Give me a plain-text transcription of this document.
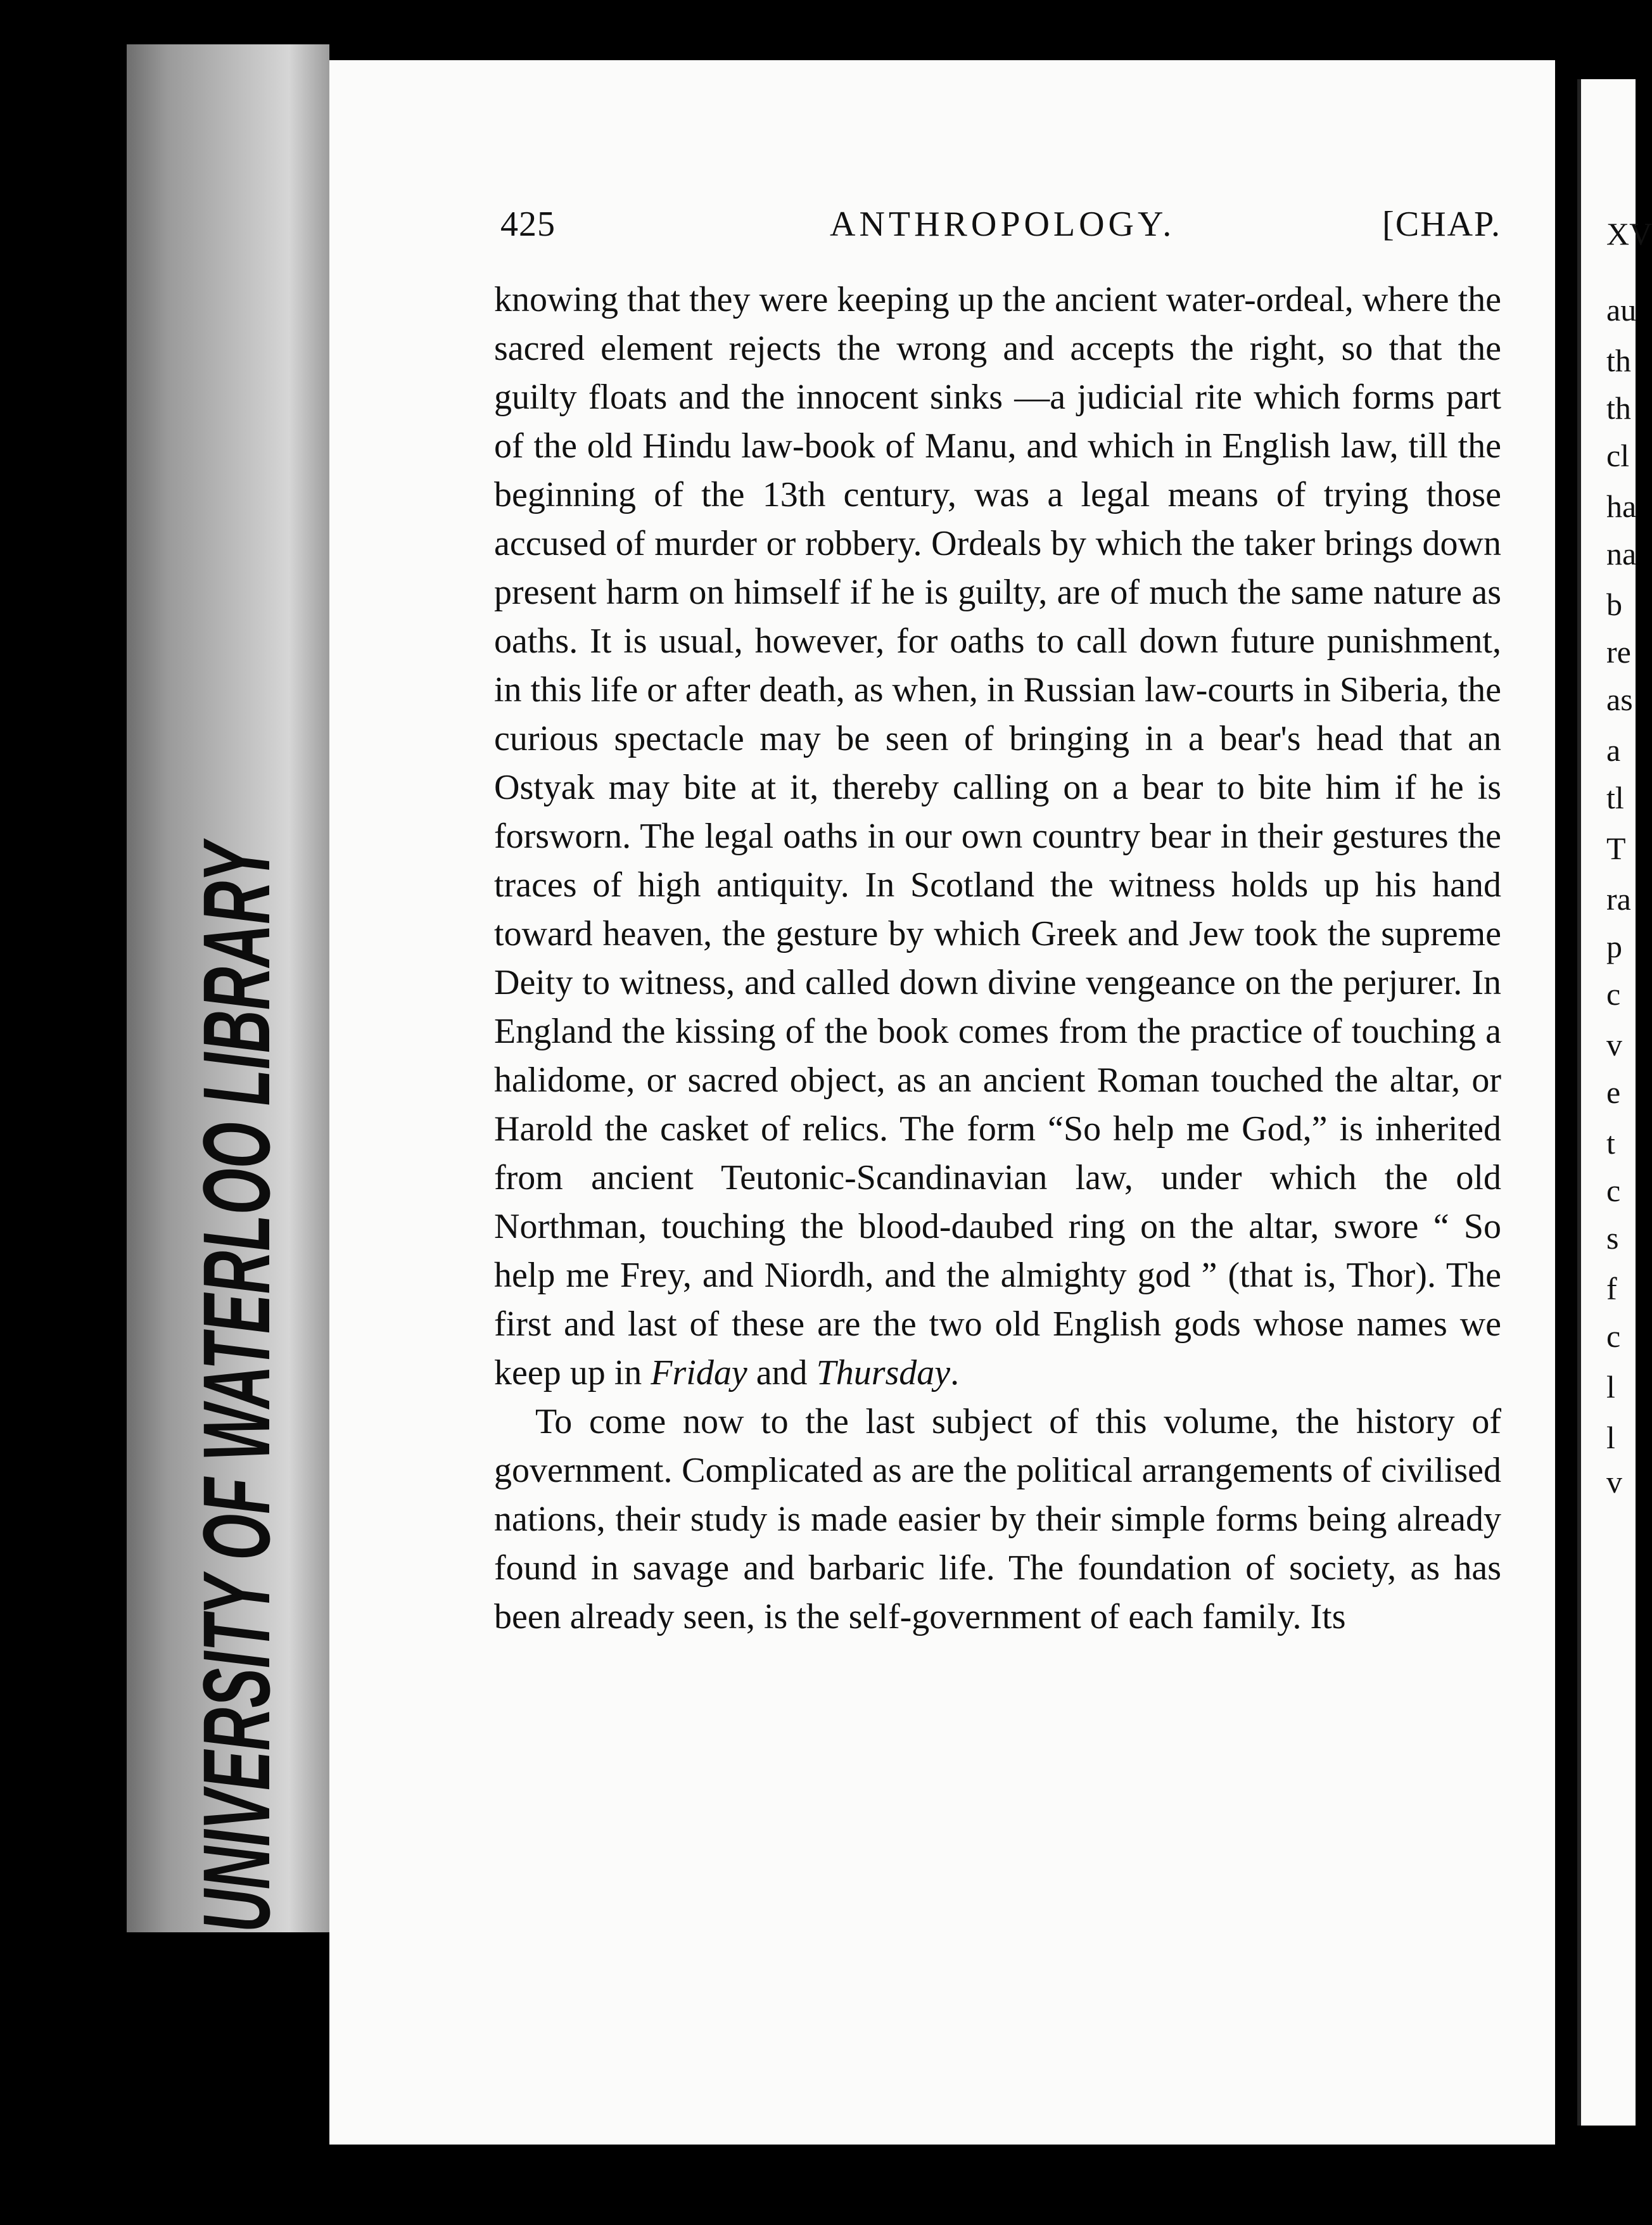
UNIVERSITY OF WATERLOO LIBRARY	XV
au
th
th
cl
ha
na
b
re
as
a
tl
T
ra
p
c
v
e
t
c
s
f
c
l
l
v
425	ANTHROPOLOGY.	[CHAP.

knowing that they were keeping up the ancient water-ordeal, where the sacred element rejects the wrong and accepts the right, so that the guilty floats and the innocent sinks —a judicial rite which forms part of the old Hindu law-book of Manu, and which in English law, till the beginning of the 13th century, was a legal means of trying those accused of murder or robbery. Ordeals by which the taker brings down present harm on himself if he is guilty, are of much the same nature as oaths. It is usual, however, for oaths to call down future punishment, in this life or after death, as when, in Russian law-courts in Siberia, the curious spectacle may be seen of bringing in a bear's head that an Ostyak may bite at it, thereby calling on a bear to bite him if he is forsworn. The legal oaths in our own country bear in their gestures the traces of high antiquity. In Scotland the witness holds up his hand toward heaven, the gesture by which Greek and Jew took the supreme Deity to witness, and called down divine vengeance on the perjurer. In England the kissing of the book comes from the practice of touching a halidome, or sacred object, as an ancient Roman touched the altar, or Harold the casket of relics. The form “So help me God,” is inherited from ancient Teutonic-Scandinavian law, under which the old Northman, touching the blood-daubed ring on the altar, swore “ So help me Frey, and Niordh, and the almighty god ” (that is, Thor). The first and last of these are the two old English gods whose names we keep up in Friday and Thursday.

To come now to the last subject of this volume, the history of government. Complicated as are the political arrangements of civilised nations, their study is made easier by their simple forms being already found in savage and barbaric life. The foundation of society, as has been already seen, is the self-government of each family. Its
